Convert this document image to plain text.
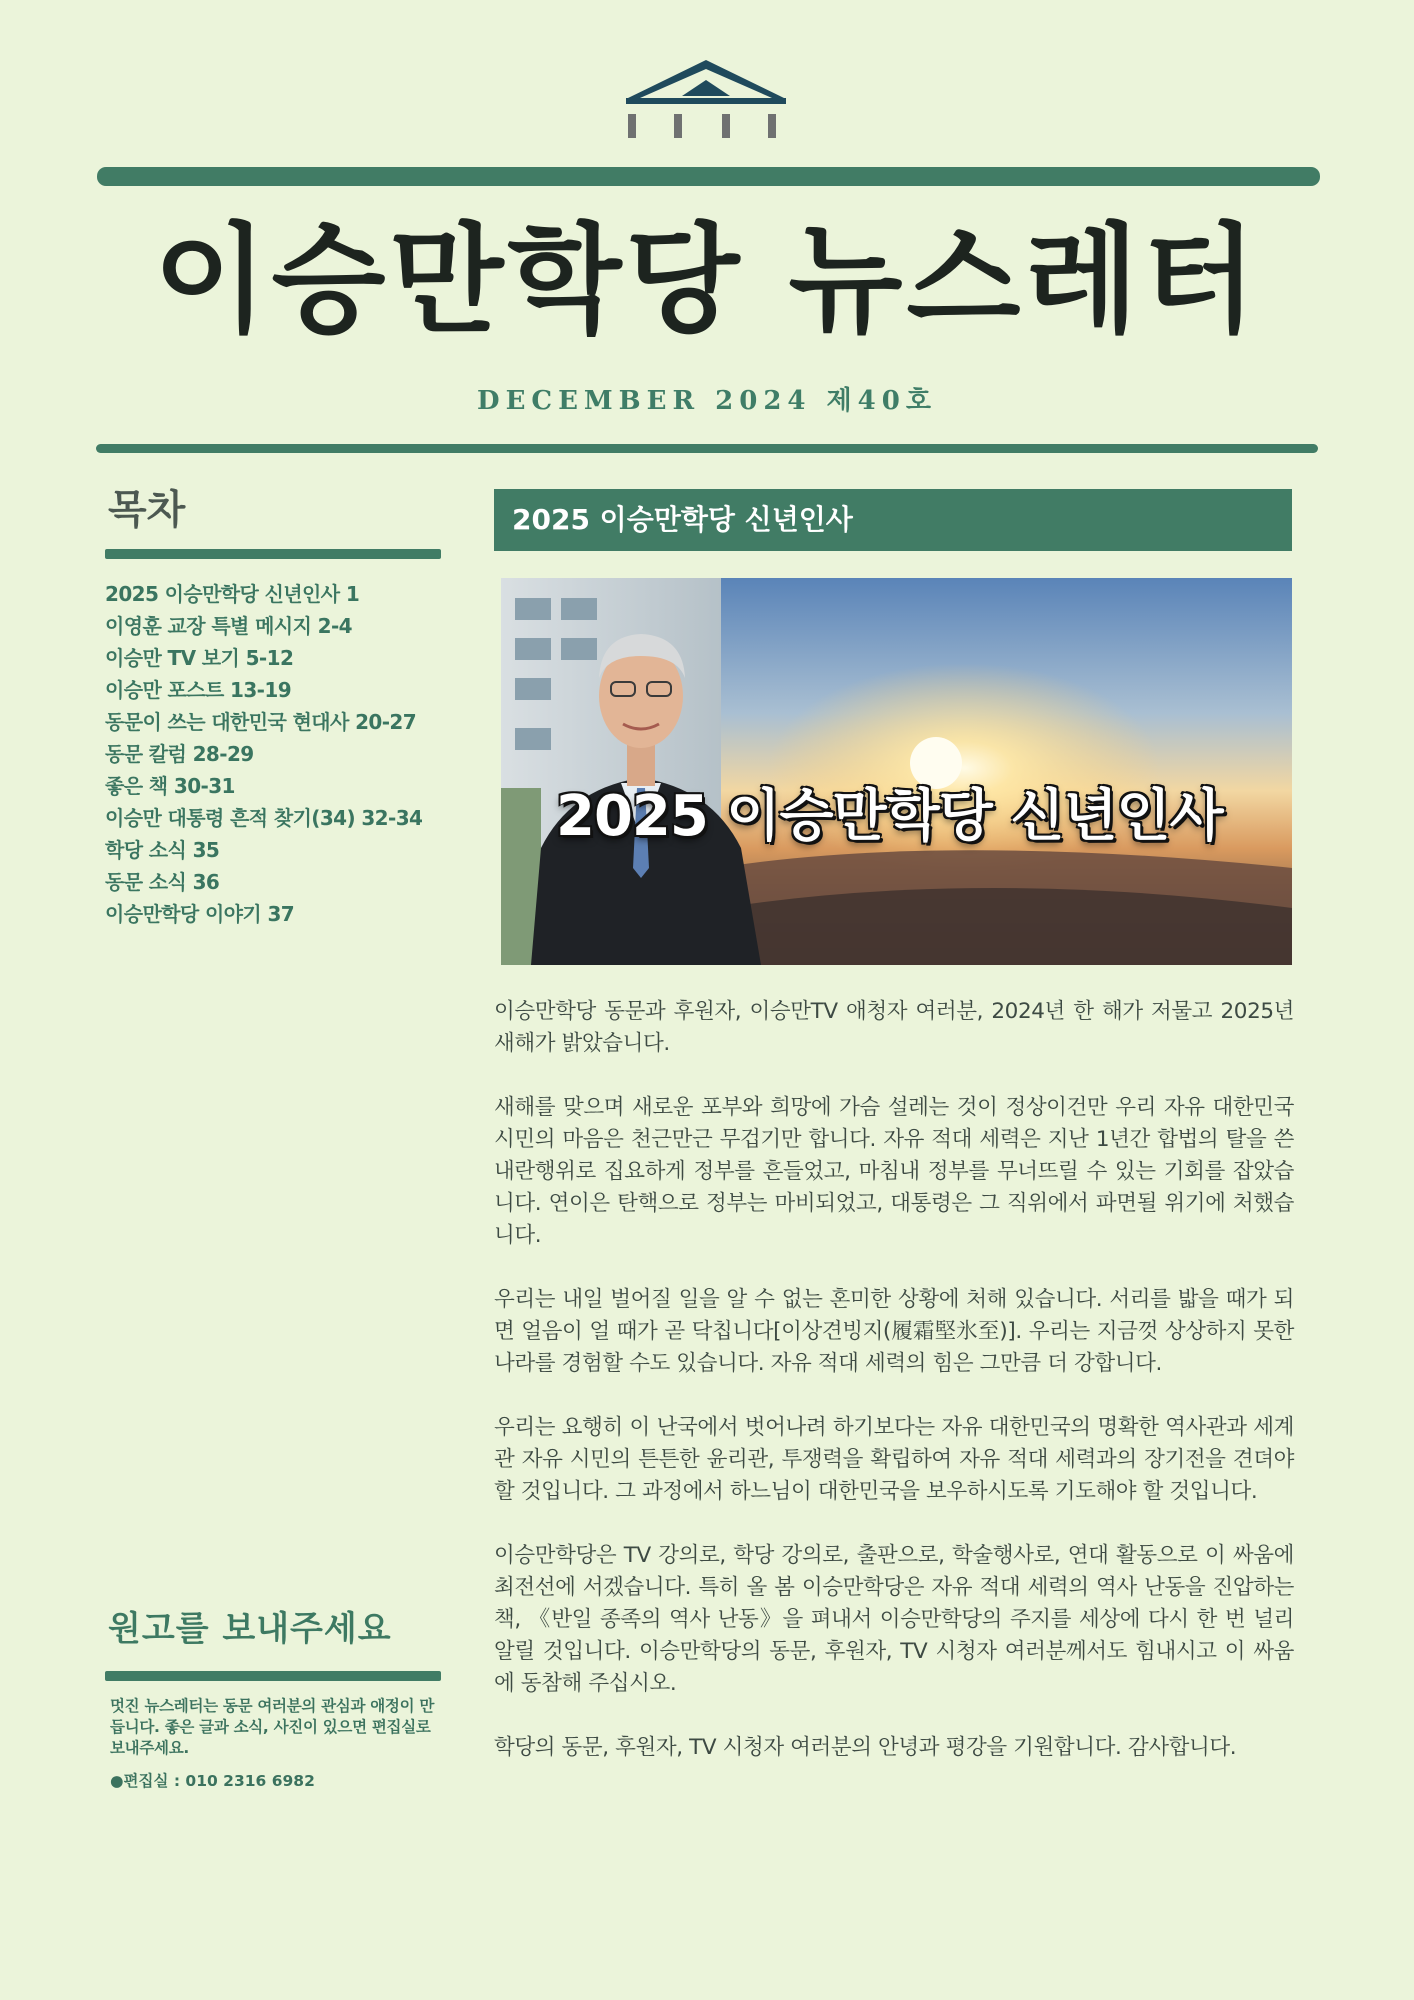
이승만학당 뉴스레터

DECEMBER 2024 제40호

목차
2025 이승만학당 신년인사 1
이영훈 교장 특별 메시지 2-4
이승만 TV 보기 5-12
이승만 포스트 13-19
동문이 쓰는 대한민국 현대사 20-27
동문 칼럼 28-29
좋은 책 30-31
이승만 대통령 흔적 찾기(34) 32-34
학당 소식 35
동문 소식 36
이승만학당 이야기 37
원고를 보내주세요

멋진 뉴스레터는 동문 여러분의 관심과 애정이 만듭니다. 좋은 글과 소식, 사진이 있으면 편집실로 보내주세요.

●편집실 : 010 2316 6982

2025 이승만학당 신년인사

2025 이승만학당 신년인사

이승만학당 동문과 후원자, 이승만TV 애청자 여러분, 2024년 한 해가 저물고 2025년 새해가 밝았습니다.

새해를 맞으며 새로운 포부와 희망에 가슴 설레는 것이 정상이건만 우리 자유 대한민국 시민의 마음은 천근만근 무겁기만 합니다. 자유 적대 세력은 지난 1년간 합법의 탈을 쓴 내란행위로 집요하게 정부를 흔들었고, 마침내 정부를 무너뜨릴 수 있는 기회를 잡았습니다. 연이은 탄핵으로 정부는 마비되었고, 대통령은 그 직위에서 파면될 위기에 처했습니다.

우리는 내일 벌어질 일을 알 수 없는 혼미한 상황에 처해 있습니다. 서리를 밟을 때가 되면 얼음이 얼 때가 곧 닥칩니다[이상견빙지(履霜堅氷至)]. 우리는 지금껏 상상하지 못한 나라를 경험할 수도 있습니다. 자유 적대 세력의 힘은 그만큼 더 강합니다.

우리는 요행히 이 난국에서 벗어나려 하기보다는 자유 대한민국의 명확한 역사관과 세계관 자유 시민의 튼튼한 윤리관, 투쟁력을 확립하여 자유 적대 세력과의 장기전을 견뎌야 할 것입니다. 그 과정에서 하느님이 대한민국을 보우하시도록 기도해야 할 것입니다.

이승만학당은 TV 강의로, 학당 강의로, 출판으로, 학술행사로, 연대 활동으로 이 싸움에 최전선에 서겠습니다. 특히 올 봄 이승만학당은 자유 적대 세력의 역사 난동을 진압하는 책, 《반일 종족의 역사 난동》을 펴내서 이승만학당의 주지를 세상에 다시 한 번 널리 알릴 것입니다. 이승만학당의 동문, 후원자, TV 시청자 여러분께서도 힘내시고 이 싸움에 동참해 주십시오.

학당의 동문, 후원자, TV 시청자 여러분의 안녕과 평강을 기원합니다. 감사합니다.
